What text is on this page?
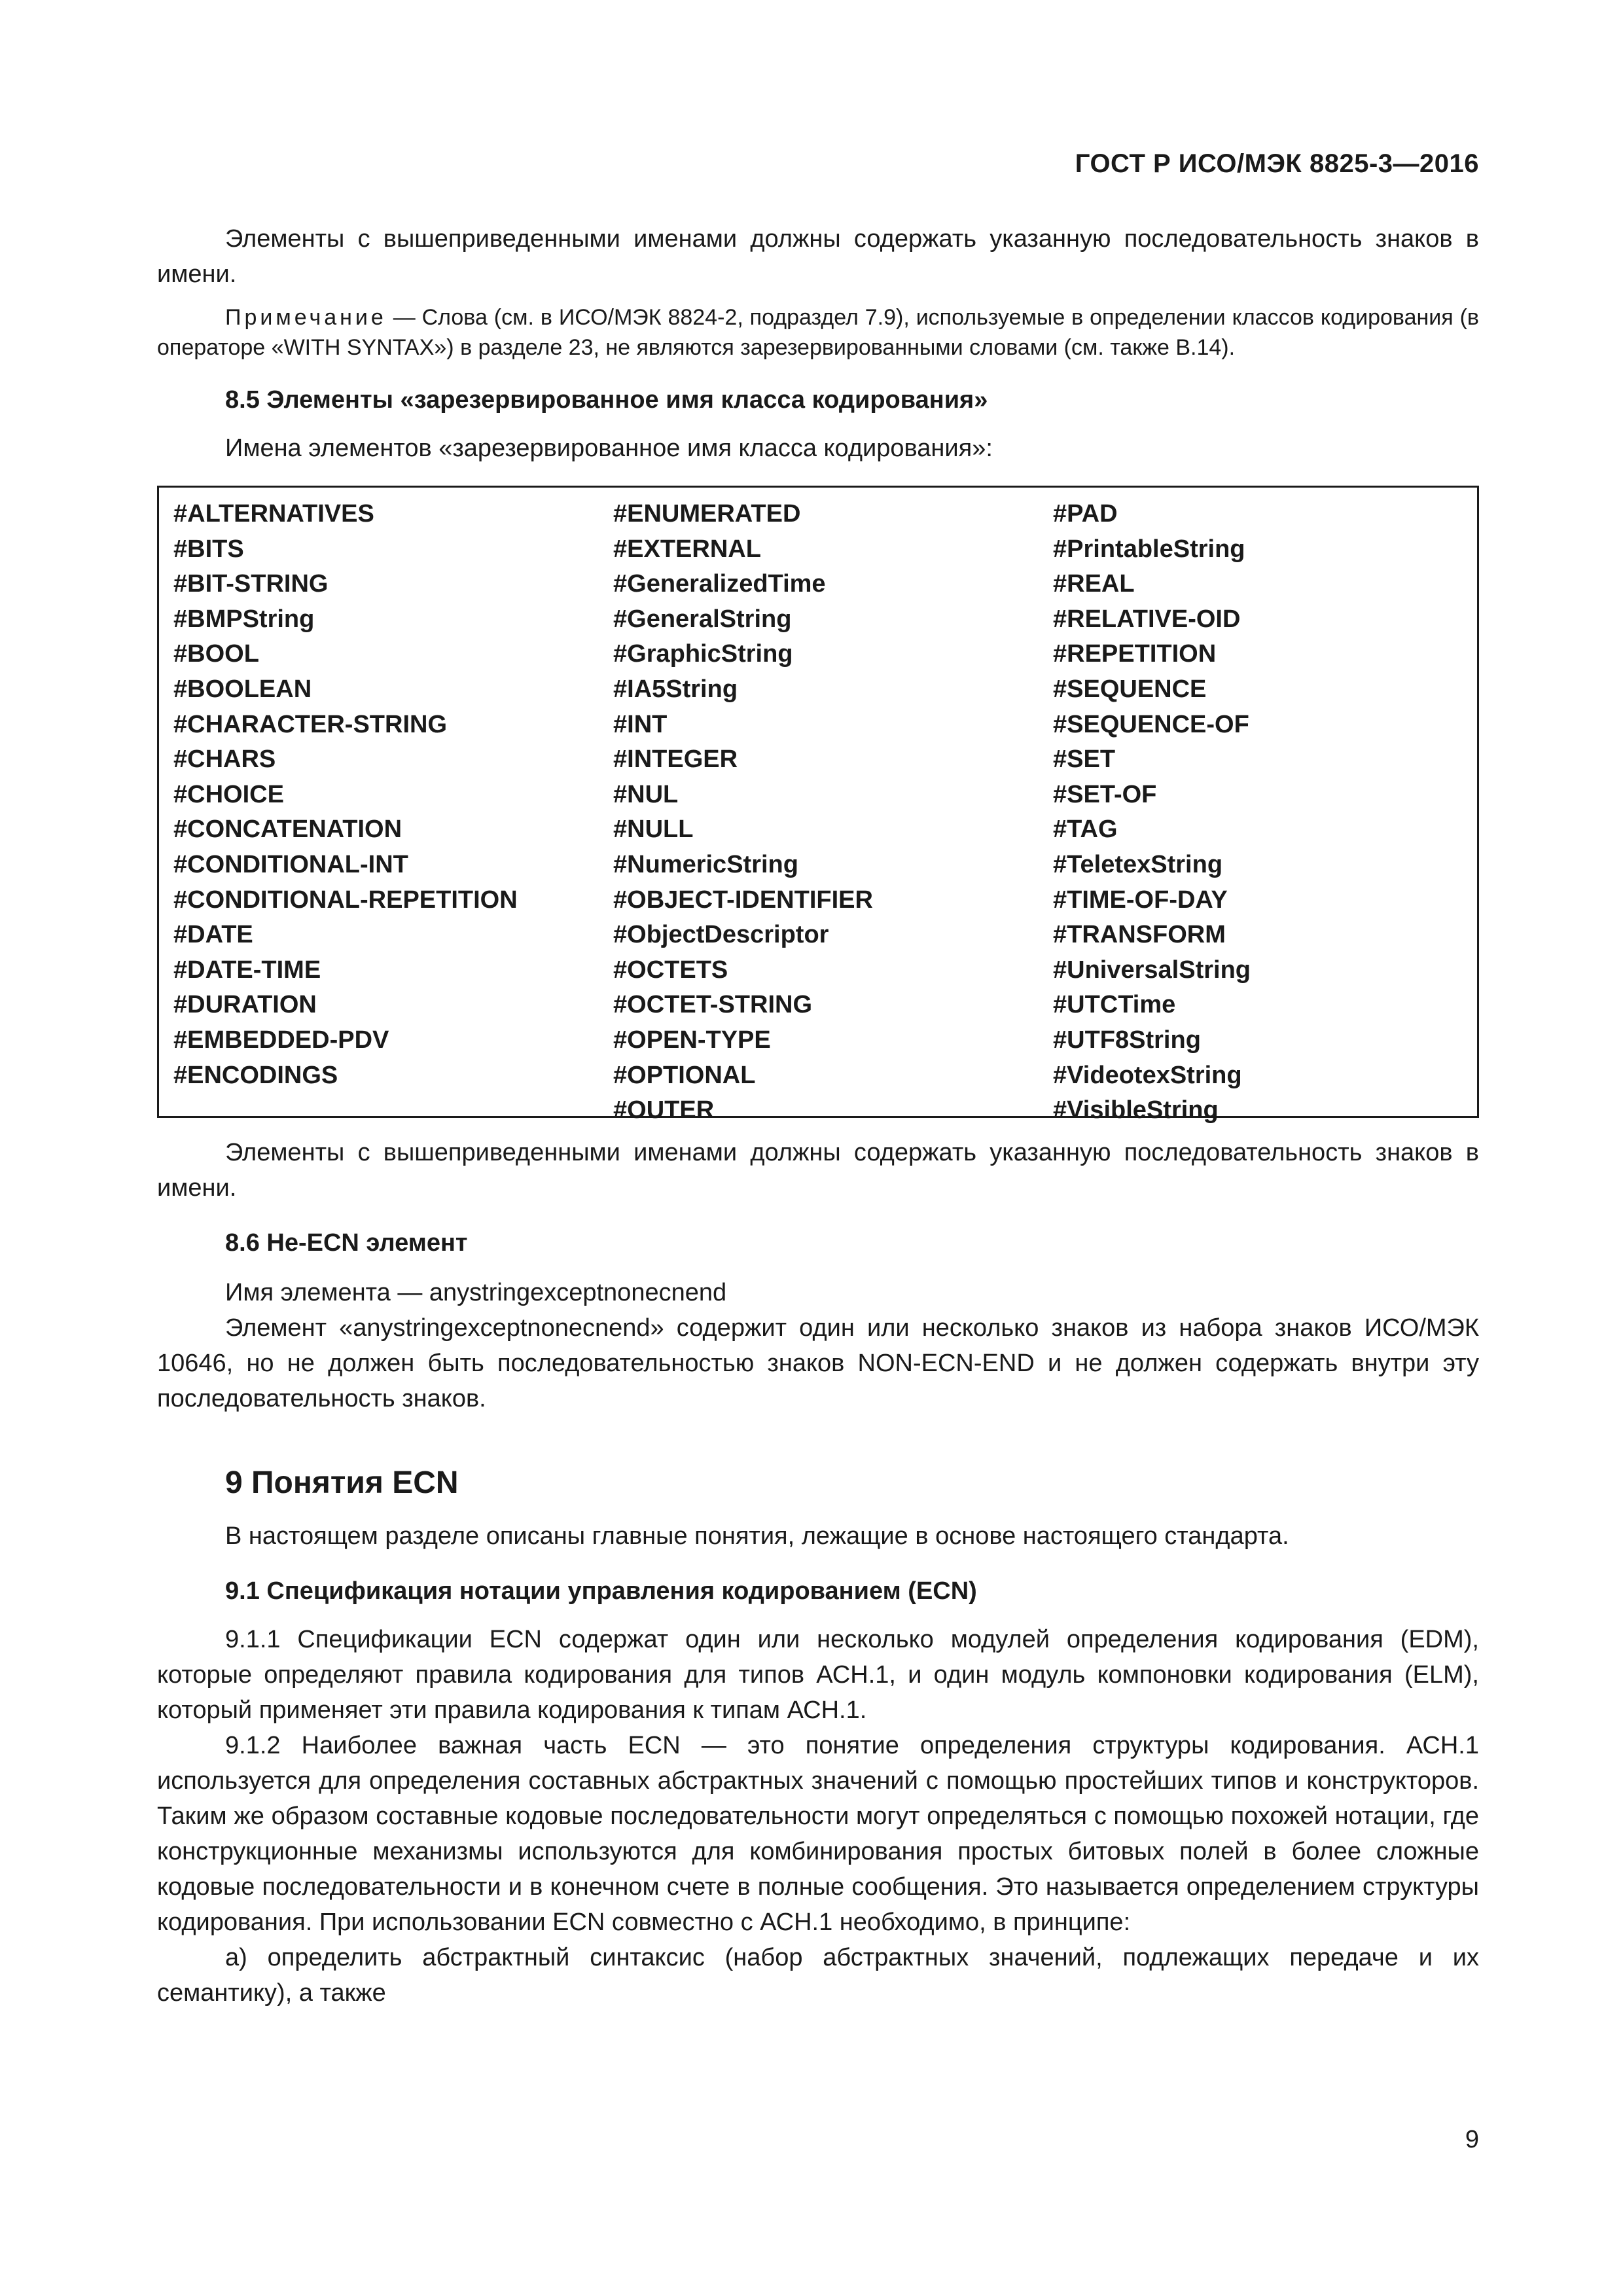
ГОСТ Р ИСО/МЭК 8825-3—2016

Элементы с вышеприведенными именами должны содержать указанную последовательность знаков в имени.

Примечание — Слова (см. в ИСО/МЭК 8824-2, подраздел 7.9), используемые в определении классов кодирования (в операторе «WITH SYNTAX») в разделе 23, не являются зарезервированными словами (см. также В.14).
8.5 Элементы «зарезервированное имя класса кодирования»

Имена элементов «зарезервированное имя класса кодирования»:

#ALTERNATIVES
#BITS
#BIT-STRING
#BMPString
#BOOL
#BOOLEAN
#CHARACTER-STRING
#CHARS
#CHOICE
#CONCATENATION
#CONDITIONAL-INT
#CONDITIONAL-REPETITION
#DATE
#DATE-TIME
#DURATION
#EMBEDDED-PDV
#ENCODINGS
#ENUMERATED
#EXTERNAL
#GeneralizedTime
#GeneralString
#GraphicString
#IA5String
#INT
#INTEGER
#NUL
#NULL
#NumericString
#OBJECT-IDENTIFIER
#ObjectDescriptor
#OCTETS
#OCTET-STRING
#OPEN-TYPE
#OPTIONAL
#OUTER
#PAD
#PrintableString
#REAL
#RELATIVE-OID
#REPETITION
#SEQUENCE
#SEQUENCE-OF
#SET
#SET-OF
#TAG
#TeletexString
#TIME-OF-DAY
#TRANSFORM
#UniversalString
#UTCTime
#UTF8String
#VideotexString
#VisibleString

Элементы с вышеприведенными именами должны содержать указанную последовательность знаков в имени.

8.6 Не-ECN элемент

Имя элемента — anystringexceptnonecnend

Элемент «anystringexceptnonecnend» содержит один или несколько знаков из набора знаков ИСО/МЭК 10646, но не должен быть последовательностью знаков NON-ECN-END и не должен содержать внутри эту последовательность знаков.

9 Понятия ECN

В настоящем разделе описаны главные понятия, лежащие в основе настоящего стандарта.

9.1 Спецификация нотации управления кодированием (ECN)

9.1.1 Спецификации ECN содержат один или несколько модулей определения кодирования (EDM), которые определяют правила кодирования для типов АСН.1, и один модуль компоновки кодирования (ELM), который применяет эти правила кодирования к типам АСН.1.

9.1.2 Наиболее важная часть ECN — это понятие определения структуры кодирования. АСН.1 используется для определения составных абстрактных значений с помощью простейших типов и конструкторов. Таким же образом составные кодовые последовательности могут определяться с помощью похожей нотации, где конструкционные механизмы используются для комбинирования простых битовых полей в более сложные кодовые последовательности и в конечном счете в полные сообщения. Это называется определением структуры кодирования. При использовании ECN совместно с АСН.1 необходимо, в принципе:

a) определить абстрактный синтаксис (набор абстрактных значений, подлежащих передаче и их семантику), а также

9
